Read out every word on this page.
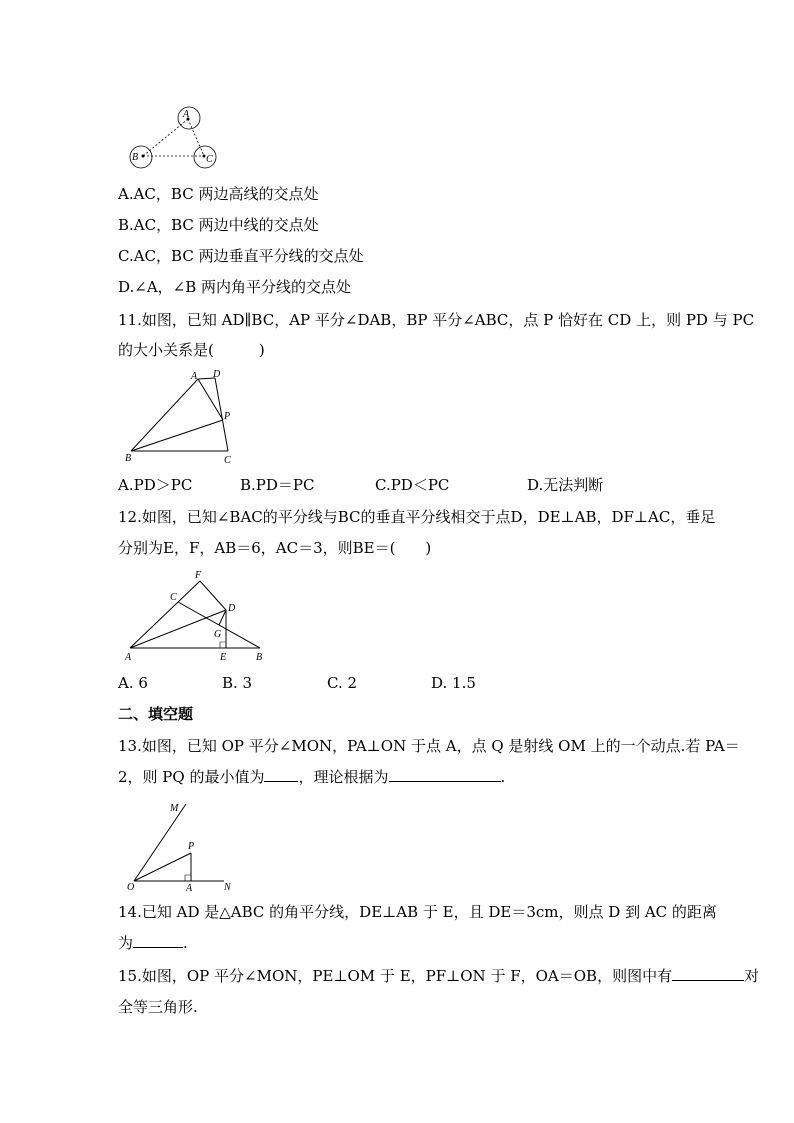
A
B	C
A.AC，BC 两边高线的交点处
B.AC，BC 两边中线的交点处
C.AC，BC 两边垂直平分线的交点处
D.∠A，∠B 两内角平分线的交点处
11.如图，已知 AD∥BC，AP 平分∠DAB，BP 平分∠ABC，点 P 恰好在 CD 上，则 PD 与 PC
的大小关系是(　　　)
A D
P
B	C
A.PD＞PC	B.PD＝PC	C.PD＜PC	D.无法判断
12.如图，已知∠BAC的平分线与BC的垂直平分线相交于点D，DE⊥AB，DF⊥AC，垂足
分别为E，F，AB＝6，AC＝3，则BE＝(　　)
F
C
D
G
A	E	B
A. 6	B. 3	C. 2	D. 1.5
二、填空题
13.如图，已知 OP 平分∠MON，PA⊥ON 于点 A，点 Q 是射线 OM 上的一个动点.若 PA＝
2，则 PQ 的最小值为 ，理论根据为	.
M
P
O	A	N
14.已知 AD 是△ABC 的角平分线，DE⊥AB 于 E，且 DE＝3cm，则点 D 到 AC 的距离
为	.
15.如图，OP 平分∠MON，PE⊥OM 于 E，PF⊥ON 于 F，OA＝OB，则图中有	对
全等三角形.
